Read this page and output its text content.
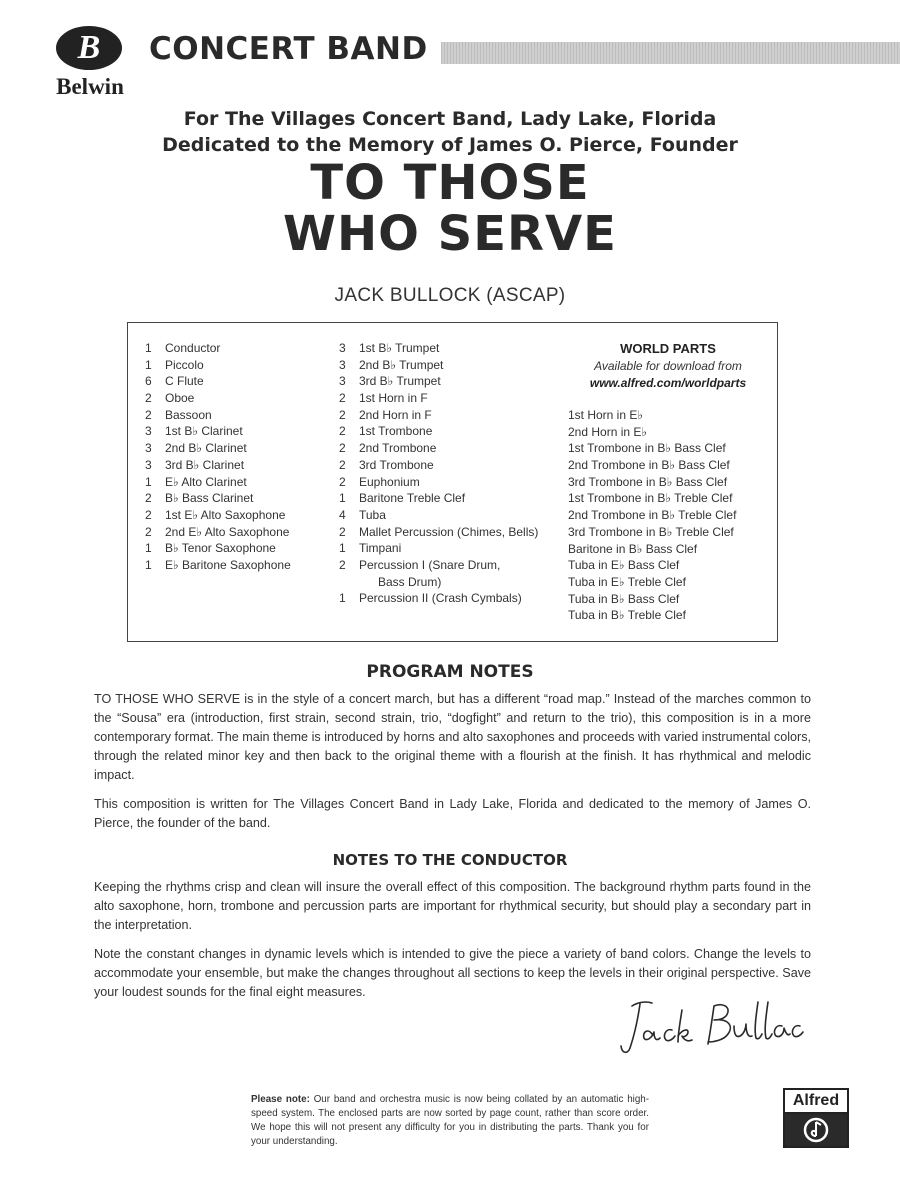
B
Belwin
CONCERT BAND
For The Villages Concert Band, Lady Lake, Florida
Dedicated to the Memory of James O. Pierce, Founder
TO THOSE
WHO SERVE
JACK BULLOCK (ASCAP)
1 Conductor
1 Piccolo
6 C Flute
2 Oboe
2 Bassoon
3 1st B♭ Clarinet
3 2nd B♭ Clarinet
3 3rd B♭ Clarinet
1 E♭ Alto Clarinet
2 B♭ Bass Clarinet
2 1st E♭ Alto Saxophone
2 2nd E♭ Alto Saxophone
1 B♭ Tenor Saxophone
1 E♭ Baritone Saxophone
3 1st B♭ Trumpet
3 2nd B♭ Trumpet
3 3rd B♭ Trumpet
2 1st Horn in F
2 2nd Horn in F
2 1st Trombone
2 2nd Trombone
2 3rd Trombone
2 Euphonium
1 Baritone Treble Clef
4 Tuba
2 Mallet Percussion (Chimes, Bells)
1 Timpani
2 Percussion I (Snare Drum,
Bass Drum)
1 Percussion II (Crash Cymbals)
WORLD PARTS
Available for download from
www.alfred.com/worldparts
1st Horn in E♭
2nd Horn in E♭
1st Trombone in B♭ Bass Clef
2nd Trombone in B♭ Bass Clef
3rd Trombone in B♭ Bass Clef
1st Trombone in B♭ Treble Clef
2nd Trombone in B♭ Treble Clef
3rd Trombone in B♭ Treble Clef
Baritone in B♭ Bass Clef
Tuba in E♭ Bass Clef
Tuba in E♭ Treble Clef
Tuba in B♭ Bass Clef
Tuba in B♭ Treble Clef
PROGRAM NOTES
TO THOSE WHO SERVE is in the style of a concert march, but has a different “road map.” Instead of the marches common to the “Sousa” era (introduction, first strain, second strain, trio, “dogfight” and return to the trio), this composition is in a more contemporary format. The main theme is introduced by horns and alto saxophones and proceeds with varied instrumental colors, through the related minor key and then back to the original theme with a flourish at the finish. It has rhythmical and melodic impact.
This composition is written for The Villages Concert Band in Lady Lake, Florida and dedicated to the memory of James O. Pierce, the founder of the band.
NOTES TO THE CONDUCTOR
Keeping the rhythms crisp and clean will insure the overall effect of this composition. The background rhythm parts found in the alto saxophone, horn, trombone and percussion parts are important for rhythmical security, but should play a secondary part in the interpretation.
Note the constant changes in dynamic levels which is intended to give the piece a variety of band colors. Change the levels to accommodate your ensemble, but make the changes throughout all sections to keep the levels in their original perspective. Save your loudest sounds for the final eight measures.
Please note: Our band and orchestra music is now being collated by an automatic high-speed system. The enclosed parts are now sorted by page count, rather than score order. We hope this will not present any difficulty for you in distributing the parts. Thank you for your understanding.
Alfred
